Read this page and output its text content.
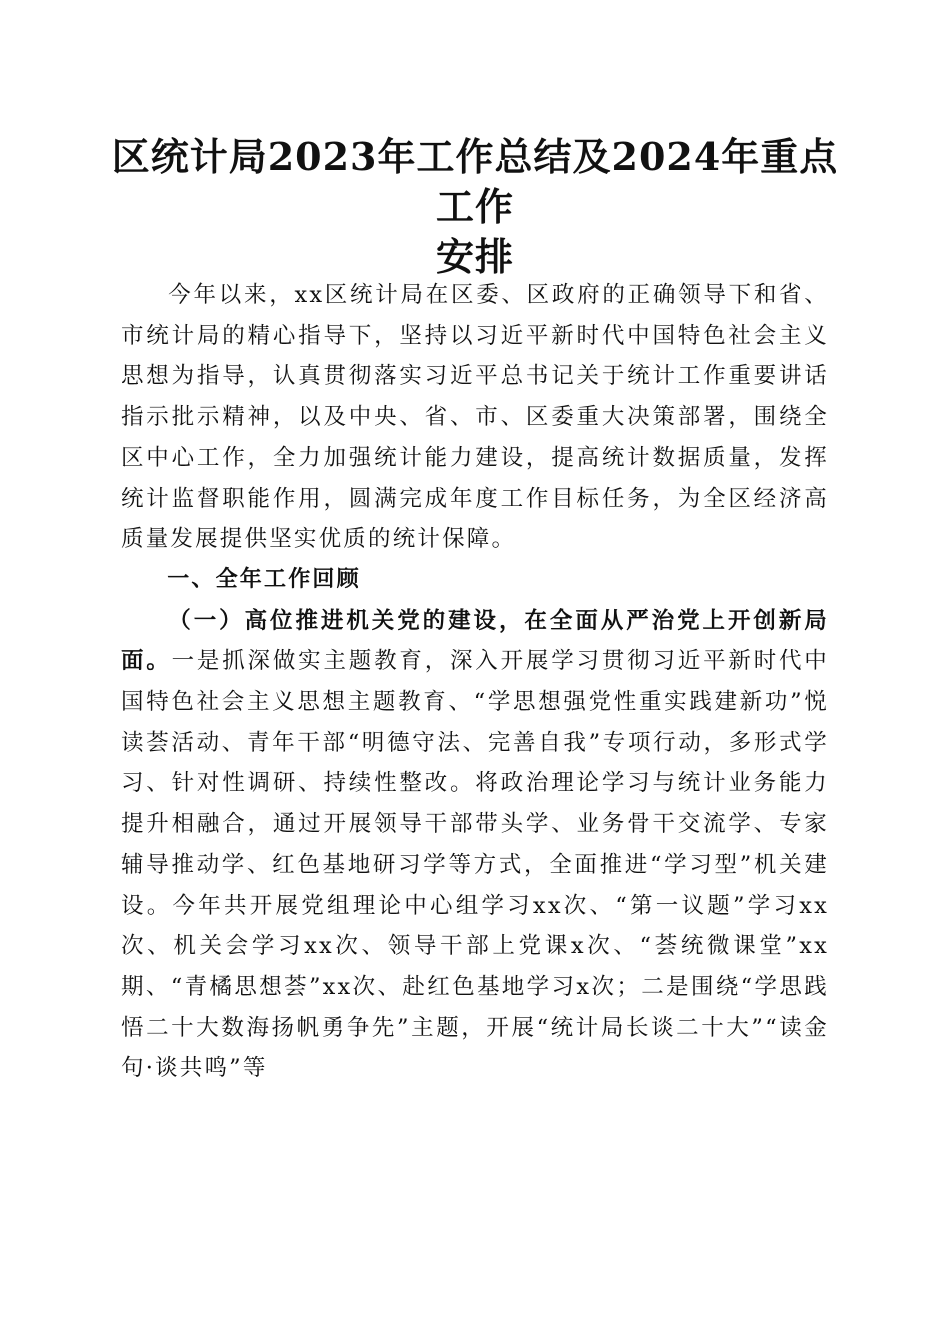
区统计局2023年工作总结及2024年重点工作
安排

今年以来，xx区统计局在区委、区政府的正确领导下和省、市统计局的精心指导下，坚持以习近平新时代中国特色社会主义思想为指导，认真贯彻落实习近平总书记关于统计工作重要讲话指示批示精神，以及中央、省、市、区委重大决策部署，围绕全区中心工作，全力加强统计能力建设，提高统计数据质量，发挥统计监督职能作用，圆满完成年度工作目标任务，为全区经济高质量发展提供坚实优质的统计保障。

一、全年工作回顾

（一）高位推进机关党的建设，在全面从严治党上开创新局面。一是抓深做实主题教育，深入开展学习贯彻习近平新时代中国特色社会主义思想主题教育、“学思想强党性重实践建新功”悦读荟活动、青年干部“明德守法、完善自我”专项行动，多形式学习、针对性调研、持续性整改。将政治理论学习与统计业务能力提升相融合，通过开展领导干部带头学、业务骨干交流学、专家辅导推动学、红色基地研习学等方式，全面推进“学习型”机关建设。今年共开展党组理论中心组学习xx次、“第一议题”学习xx次、机关会学习xx次、领导干部上党课x次、“荟统微课堂”xx期、“青橘思想荟”xx次、赴红色基地学习x次；二是围绕“学思践悟二十大数海扬帆勇争先”主题，开展“统计局长谈二十大”“读金句·谈共鸣”等
